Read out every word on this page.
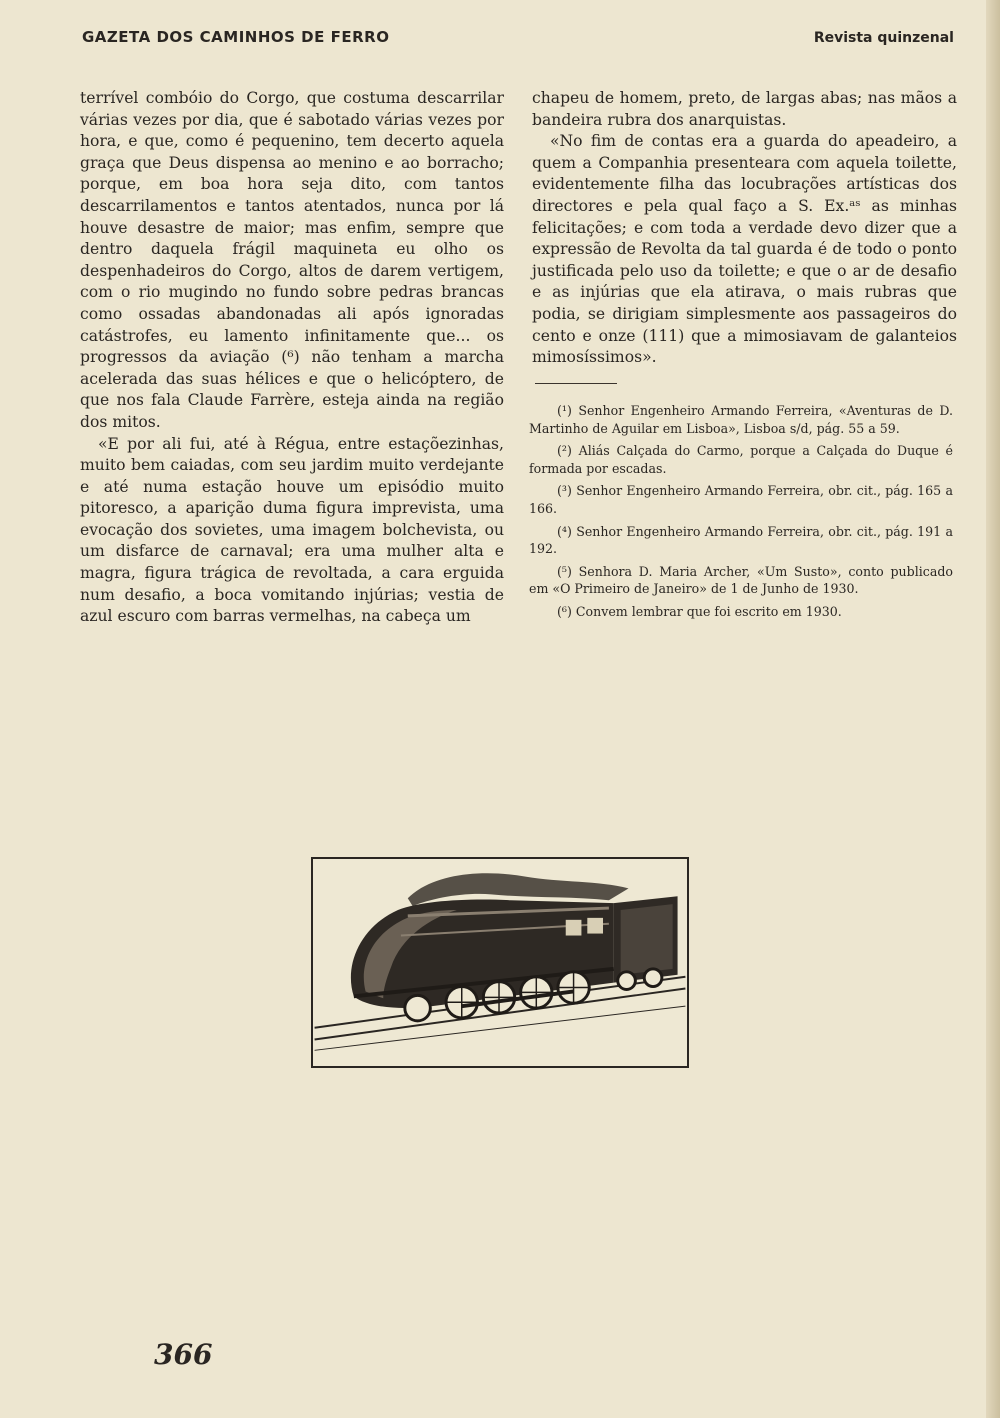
GAZETA DOS CAMINHOS DE FERRO	Revista quinzenal

terrível combóio do Corgo, que costuma descarrilar várias vezes por dia, que é sabotado várias vezes por hora, e que, como é pequenino, tem decerto aquela graça que Deus dispensa ao menino e ao borracho; porque, em boa hora seja dito, com tantos descarrilamentos e tantos atentados, nunca por lá houve desastre de maior; mas enfim, sempre que dentro daquela frágil maquineta eu olho os despenhadeiros do Corgo, altos de darem vertigem, com o rio mugindo no fundo sobre pedras brancas como ossadas abandonadas ali após ignoradas catástrofes, eu lamento infinitamente que... os progressos da aviação (⁶) não tenham a marcha acelerada das suas hélices e que o helicóptero, de que nos fala Claude Farrère, esteja ainda na região dos mitos.

«E por ali fui, até à Régua, entre estaçõezinhas, muito bem caiadas, com seu jardim muito verdejante e até numa estação houve um episódio muito pitoresco, a aparição duma figura imprevista, uma evocação dos sovietes, uma imagem bolchevista, ou um disfarce de carnaval; era uma mulher alta e magra, figura trágica de revoltada, a cara erguida num desafio, a boca vomitando injúrias; vestia de azul escuro com barras vermelhas, na cabeça um

chapeu de homem, preto, de largas abas; nas mãos a bandeira rubra dos anarquistas.

«No fim de contas era a guarda do apeadeiro, a quem a Companhia presenteara com aquela toilette, evidentemente filha das locubrações artísticas dos directores e pela qual faço a S. Ex.ᵃˢ as minhas felicitações; e com toda a verdade devo dizer que a expressão de Revolta da tal guarda é de todo o ponto justificada pelo uso da toilette; e que o ar de desafio e as injúrias que ela atirava, o mais rubras que podia, se dirigiam simplesmente aos passageiros do cento e onze (111) que a mimosiavam de galanteios mimosíssimos».

(¹) Senhor Engenheiro Armando Ferreira, «Aventuras de D. Martinho de Aguilar em Lisboa», Lisboa s/d, pág. 55 a 59.

(²) Aliás Calçada do Carmo, porque a Calçada do Duque é formada por escadas.

(³) Senhor Engenheiro Armando Ferreira, obr. cit., pág. 165 a 166.

(⁴) Senhor Engenheiro Armando Ferreira, obr. cit., pág. 191 a 192.

(⁵) Senhora D. Maria Archer, «Um Susto», conto publicado em «O Primeiro de Janeiro» de 1 de Junho de 1930.

(⁶) Convem lembrar que foi escrito em 1930.

366
